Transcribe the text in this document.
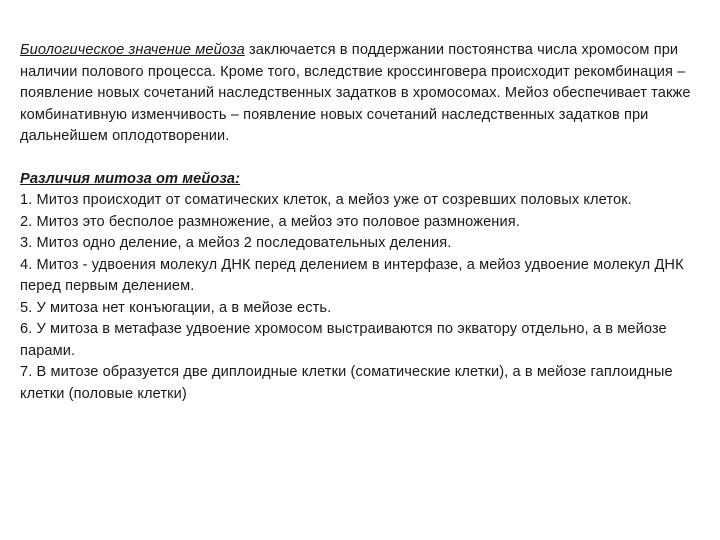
Биологическое значение мейоза заключается в поддержании постоянства числа хромосом при наличии полового процесса. Кроме того, вследствие кроссинговера происходит рекомбинация – появление новых сочетаний наследственных задатков в хромосомах. Мейоз обеспечивает также комбинативную изменчивость – появление новых сочетаний наследственных задатков при дальнейшем оплодотворении.

Различия митоза от мейоза:

1. Митоз происходит от соматических клеток, а мейоз уже от созревших половых клеток.

2. Митоз это бесполое размножение, а мейоз это половое размножения.

3. Митоз одно деление, а мейоз 2 последовательных деления.

4. Митоз - удвоения молекул ДНК перед делением в интерфазе, а мейоз удвоение молекул ДНК перед первым делением.

5. У митоза нет конъюгации, а в мейозе есть.

6. У митоза в метафазе удвоение хромосом выстраиваются по экватору отдельно, а в мейозе парами.

7. В митозе образуется две диплоидные клетки (соматические клетки), а в мейозе гаплоидные клетки (половые клетки)
